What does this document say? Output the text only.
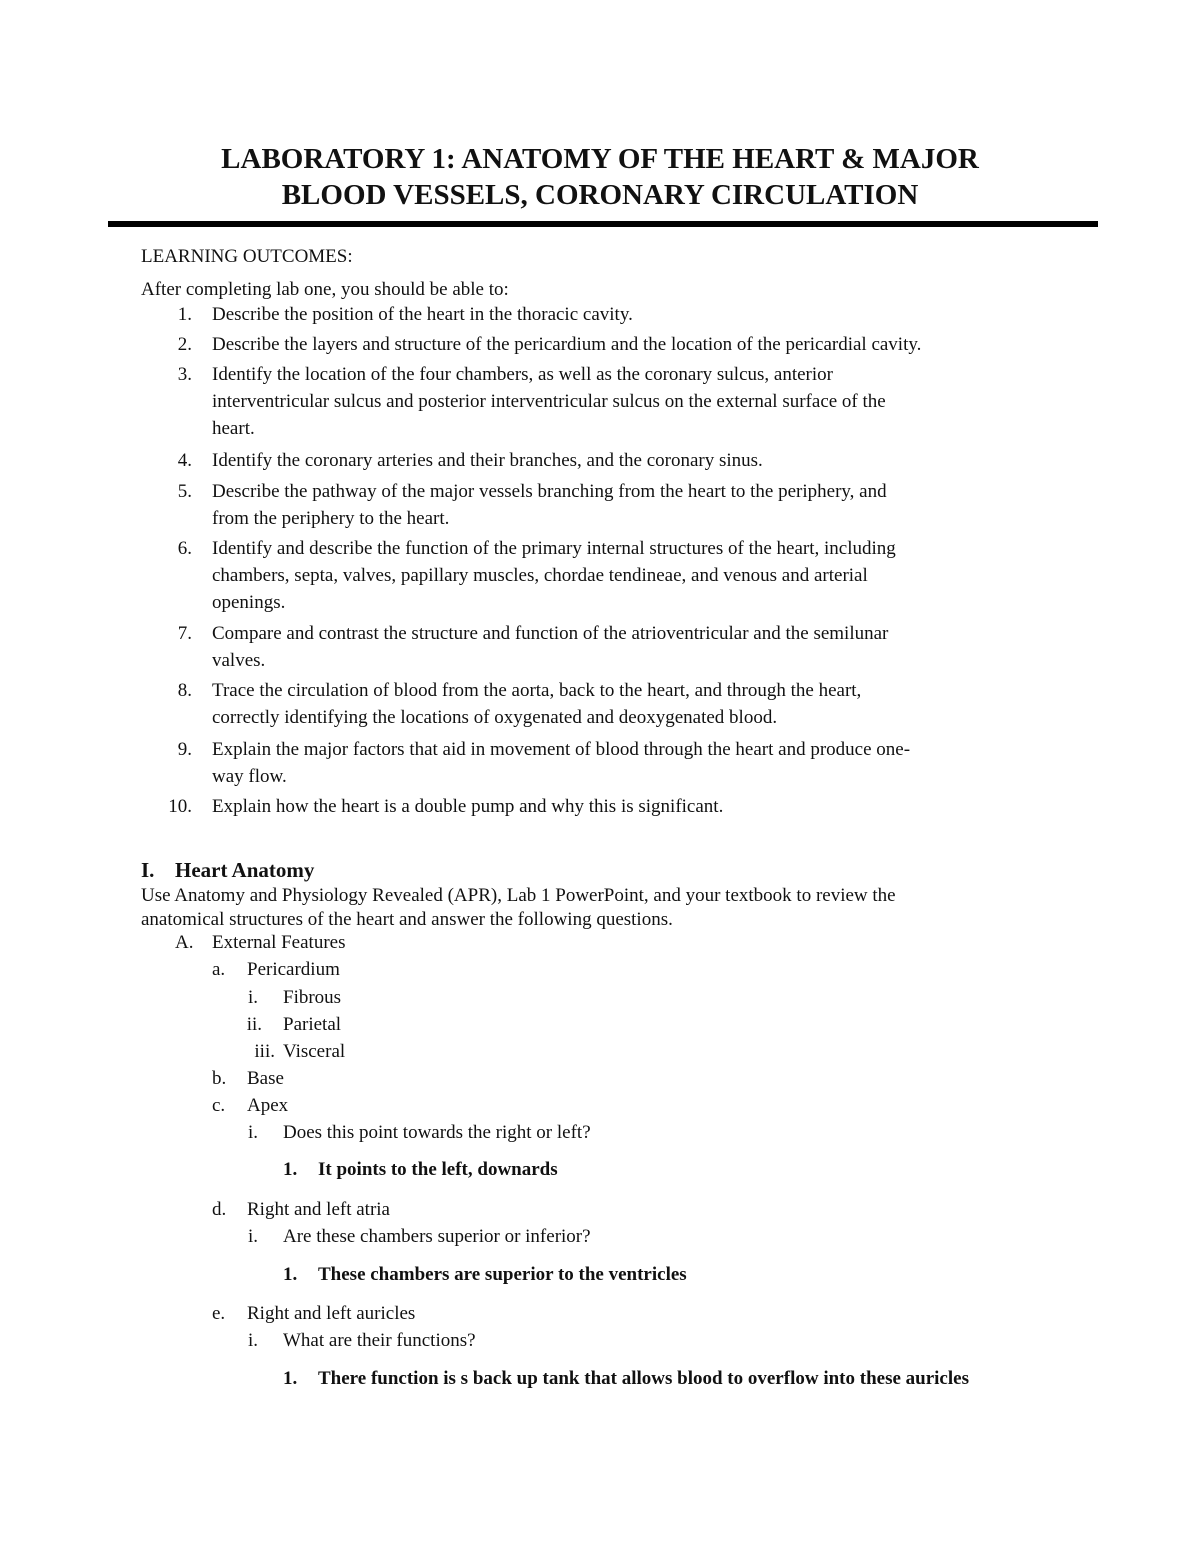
LABORATORY 1: ANATOMY OF THE HEART & MAJOR
BLOOD VESSELS, CORONARY CIRCULATION
LEARNING OUTCOMES:
After completing lab one, you should be able to:
1. Describe the position of the heart in the thoracic cavity.
2. Describe the layers and structure of the pericardium and the location of the pericardial cavity.
3. Identify the location of the four chambers, as well as the coronary sulcus, anterior
interventricular sulcus and posterior interventricular sulcus on the external surface of the
heart.
4. Identify the coronary arteries and their branches, and the coronary sinus.
5. Describe the pathway of the major vessels branching from the heart to the periphery, and
from the periphery to the heart.
6. Identify and describe the function of the primary internal structures of the heart, including
chambers, septa, valves, papillary muscles, chordae tendineae, and venous and arterial
openings.
7. Compare and contrast the structure and function of the atrioventricular and the semilunar
valves.
8. Trace the circulation of blood from the aorta, back to the heart, and through the heart,
correctly identifying the locations of oxygenated and deoxygenated blood.
9. Explain the major factors that aid in movement of blood through the heart and produce one-
way flow.
10. Explain how the heart is a double pump and why this is significant.
I. Heart Anatomy
Use Anatomy and Physiology Revealed (APR), Lab 1 PowerPoint, and your textbook to review the
anatomical structures of the heart and answer the following questions.
A. External Features
a. Pericardium
i. Fibrous
ii. Parietal
iii. Visceral
b. Base
c. Apex
i. Does this point towards the right or left?
1. It points to the left, downards
d. Right and left atria
i. Are these chambers superior or inferior?
1. These chambers are superior to the ventricles
e. Right and left auricles
i. What are their functions?
1. There function is s back up tank that allows blood to overflow into these auricles
